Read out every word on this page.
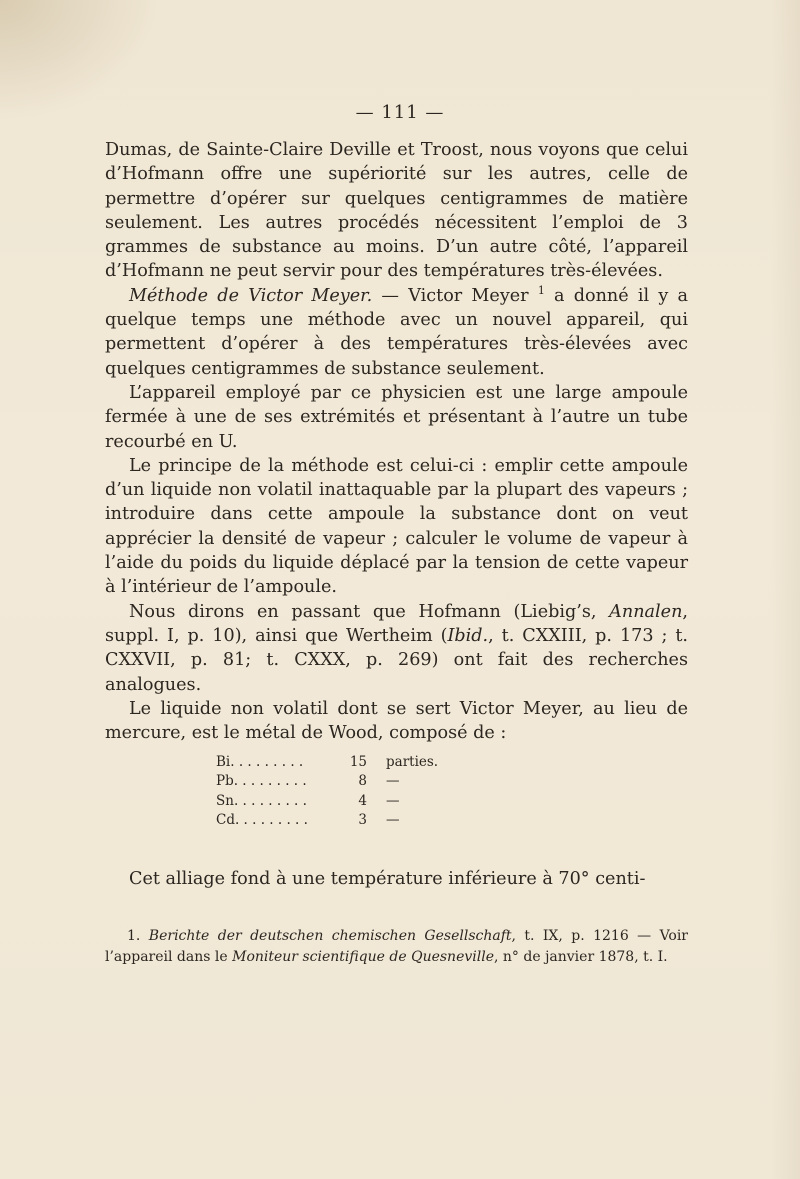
— 111 —

Dumas, de Sainte-Claire Deville et Troost, nous voyons que celui d’Hofmann offre une supériorité sur les autres, celle de permettre d’opérer sur quelques centigrammes de matière seulement. Les autres procédés nécessitent l’emploi de 3 grammes de substance au moins. D’un autre côté, l’appareil d’Hofmann ne peut servir pour des températures très-élevées.

Méthode de Victor Meyer. — Victor Meyer $^1$ a donné il y a quelque temps une méthode avec un nouvel appareil, qui permettent d’opérer à des températures très-élevées avec quelques centigrammes de substance seulement.

L’appareil employé par ce physicien est une large ampoule fermée à une de ses extrémités et présentant à l’autre un tube recourbé en U.

Le principe de la méthode est celui-ci : emplir cette ampoule d’un liquide non volatil inattaquable par la plupart des vapeurs ; introduire dans cette ampoule la substance dont on veut apprécier la densité de vapeur ; calculer le volume de vapeur à l’aide du poids du liquide déplacé par la tension de cette vapeur à l’intérieur de l’ampoule.

Nous dirons en passant que Hofmann (Liebig’s, Annalen, suppl. I, p. 10), ainsi que Wertheim (Ibid., t. CXXIII, p. 173 ; t. CXXVII, p. 81; t. CXXX, p. 269) ont fait des recherches analogues.

Le liquide non volatil dont se sert Victor Meyer, au lieu de mercure, est le métal de Wood, composé de :

Bi. . . . . . . . .	15	parties.
Pb. . . . . . . . .	8	—
Sn. . . . . . . . .	4	—
Cd. . . . . . . . .	3	—

Cet alliage fond à une température inférieure à 70° centi-

1. Berichte der deutschen chemischen Gesellschaft, t. IX, p. 1216 — Voir l’appareil dans le Moniteur scientifique de Quesneville, n° de janvier 1878, t. I.
